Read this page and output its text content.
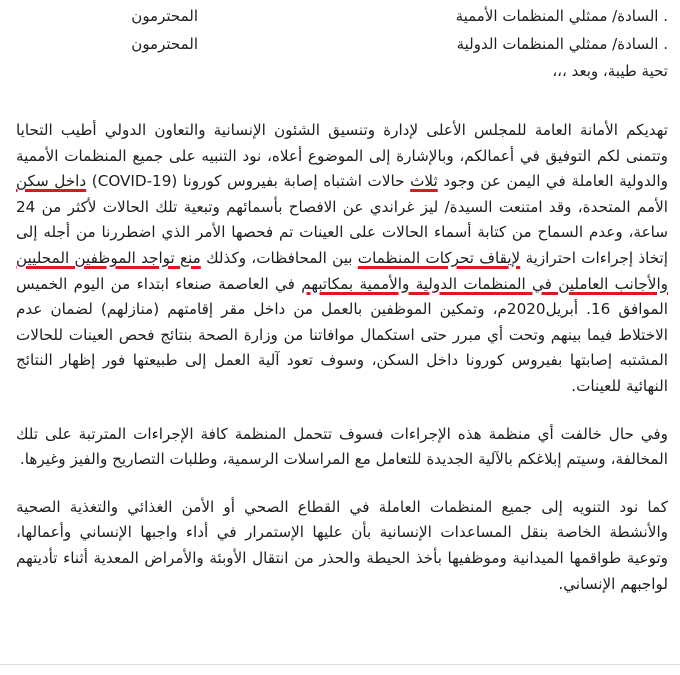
. السادة/ ممثلي المنظمات الأممية
المحترمون
. السادة/ ممثلي المنظمات الدولية
المحترمون
تحية طيبة، وبعد ،،،

تهديكم الأمانة العامة للمجلس الأعلى لإدارة وتنسيق الشئون الإنسانية والتعاون الدولي أطيب التحايا وتتمنى لكم التوفيق في أعمالكم، وبالإشارة إلى الموضوع أعلاه، نود التنبيه على جميع المنظمات الأممية والدولية العاملة في اليمن عن وجود ثلاث حالات اشتباه إصابة بفيروس كورونا (COVID-19) داخل سكن الأمم المتحدة، وقد امتنعت السيدة/ ليز غراندي عن الافصاح بأسمائهم وتبعية تلك الحالات لأكثر من 24 ساعة، وعدم السماح من كتابة أسماء الحالات على العينات تم فحصها الأمر الذي اضطررنا من أجله إلى إتخاذ إجراءات احترازية لإيقاف تحركات المنظمات بين المحافظات، وكذلك منع تواجد الموظفين المحليين والأجانب العاملين في المنظمات الدولية والأممية بمكاتبهم في العاصمة صنعاء ابتداء من اليوم الخميس الموافق 16. أبريل2020م، وتمكين الموظفين بالعمل من داخل مقر إقامتهم (منازلهم) لضمان عدم الاختلاط فيما بينهم وتحت أي مبرر حتى استكمال موافاتنا من وزارة الصحة بنتائج فحص العينات للحالات المشتبه إصابتها بفيروس كورونا داخل السكن، وسوف تعود آلية العمل إلى طبيعتها فور إظهار النتائج النهائية للعينات.

وفي حال خالفت أي منظمة هذه الإجراءات فسوف تتحمل المنظمة كافة الإجراءات المترتبة على تلك المخالفة، وسيتم إبلاغكم بالآلية الجديدة للتعامل مع المراسلات الرسمية، وطلبات التصاريح والفيز وغيرها.

كما نود التنويه إلى جميع المنظمات العاملة في القطاع الصحي أو الأمن الغذائي والتغذية الصحية والأنشطة الخاصة بنقل المساعدات الإنسانية بأن عليها الإستمرار في أداء واجبها الإنساني وأعمالها، وتوعية طواقمها الميدانية وموظفيها بأخذ الحيطة والحذر من انتقال الأوبئة والأمراض المعدية أثناء تأديتهم لواجبهم الإنساني.
